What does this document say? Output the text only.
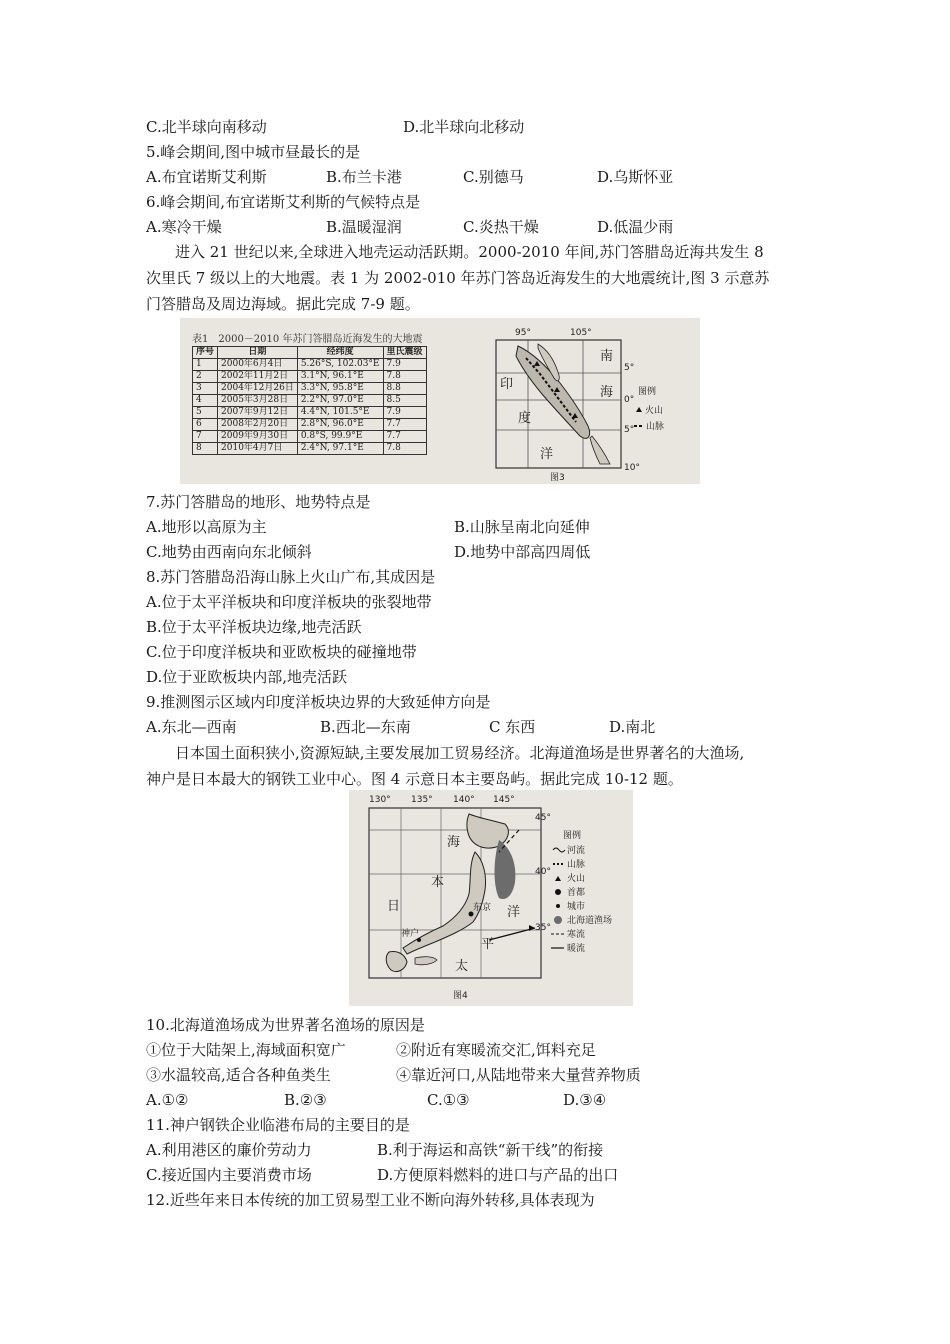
C.北半球向南移动	D.北半球向北移动
5.峰会期间,图中城市昼最长的是
A.布宜诺斯艾利斯	B.布兰卡港	C.别德马	D.乌斯怀亚
6.峰会期间,布宜诺斯艾利斯的气候特点是
A.寒冷干燥	B.温暖湿润	C.炎热干燥	D.低温少雨
进入 21 世纪以来,全球进入地壳运动活跃期。2000-2010 年间,苏门答腊岛近海共发生 8
次里氏 7 级以上的大地震。表 1 为 2002-010 年苏门答岛近海发生的大地震统计,图 3 示意苏
门答腊岛及周边海域。据此完成 7-9 题。
表1　2000－2010 年苏门答腊岛近海发生的大地震
序号	日期	经纬度	里氏震级
1	2000年6月4日	5.26°S, 102.03°E	7.9
2	2002年11月2日	3.1°N, 96.1°E	7.8
3	2004年12月26日	3.3°N, 95.8°E	8.8
4	2005年3月28日	2.2°N, 97.0°E	8.5
5	2007年9月12日	4.4°N, 101.5°E	7.9
6	2008年2月20日	2.8°N, 96.0°E	7.7
7	2009年9月30日	0.8°S, 99.9°E	7.7
8	2010年4月7日	2.4°N, 97.1°E	7.8
95°	105°
5°
0°
5°
10°
南
海
印
度
洋
图例
火山
山脉
图3
7.苏门答腊岛的地形、地势特点是
A.地形以高原为主	B.山脉呈南北向延伸
C.地势由西南向东北倾斜	D.地势中部高四周低
8.苏门答腊岛沿海山脉上火山广布,其成因是
A.位于太平洋板块和印度洋板块的张裂地带
B.位于太平洋板块边缘,地壳活跃
C.位于印度洋板块和亚欧板块的碰撞地带
D.位于亚欧板块内部,地壳活跃
9.推测图示区域内印度洋板块边界的大致延伸方向是
A.东北—西南	B.西北—东南	C 东西	D.南北
日本国土面积狭小,资源短缺,主要发展加工贸易经济。北海道渔场是世界著名的大渔场,
神户是日本最大的钢铁工业中心。图 4 示意日本主要岛屿。据此完成 10-12 题。
130° 135° 140° 145°
45°
40°
35°
海
本
日	洋
平
太
东京
神户
图例
河流
山脉
火山
首都
城市
北海道渔场
寒流
暖流
图4
10.北海道渔场成为世界著名渔场的原因是
①位于大陆架上,海域面积宽广	②附近有寒暖流交汇,饵料充足
③水温较高,适合各种鱼类生	④靠近河口,从陆地带来大量营养物质
A.①②	B.②③	C.①③	D.③④
11.神户钢铁企业临港布局的主要目的是
A.利用港区的廉价劳动力	B.利于海运和高铁“新干线”的衔接
C.接近国内主要消费市场	D.方便原料燃料的进口与产品的出口
12.近些年来日本传统的加工贸易型工业不断向海外转移,具体表现为
